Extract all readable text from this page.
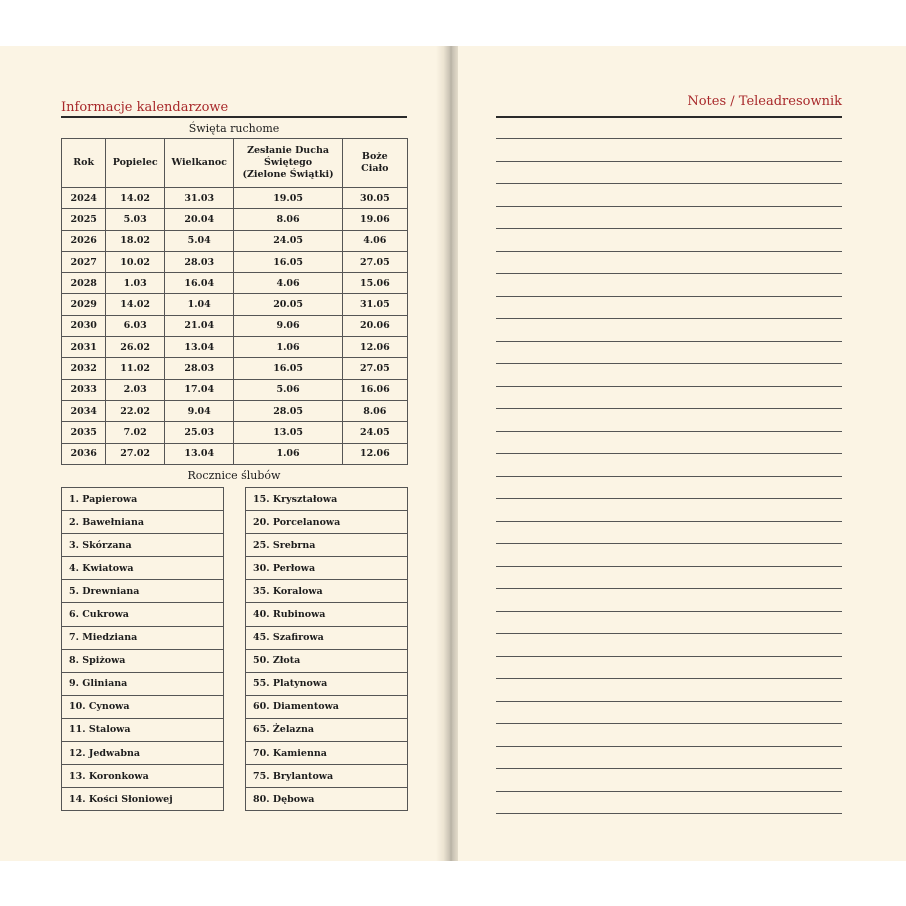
Informacje kalendarzowe
Święta ruchome
Rok	Popielec	Wielkanoc	Zesłanie Ducha Świętego (Zielone Świątki)	Boże Ciało
2024	14.02	31.03	19.05	30.05
2025	5.03	20.04	8.06	19.06
2026	18.02	5.04	24.05	4.06
2027	10.02	28.03	16.05	27.05
2028	1.03	16.04	4.06	15.06
2029	14.02	1.04	20.05	31.05
2030	6.03	21.04	9.06	20.06
2031	26.02	13.04	1.06	12.06
2032	11.02	28.03	16.05	27.05
2033	2.03	17.04	5.06	16.06
2034	22.02	9.04	28.05	8.06
2035	7.02	25.03	13.05	24.05
2036	27.02	13.04	1.06	12.06
Rocznice ślubów
1. Papierowa
2. Bawełniana
3. Skórzana
4. Kwiatowa
5. Drewniana
6. Cukrowa
7. Miedziana
8. Spiżowa
9. Gliniana
10. Cynowa
11. Stalowa
12. Jedwabna
13. Koronkowa
14. Kości Słoniowej
15. Kryształowa
20. Porcelanowa
25. Srebrna
30. Perłowa
35. Koralowa
40. Rubinowa
45. Szafirowa
50. Złota
55. Platynowa
60. Diamentowa
65. Żelazna
70. Kamienna
75. Brylantowa
80. Dębowa
Notes / Teleadresownik
